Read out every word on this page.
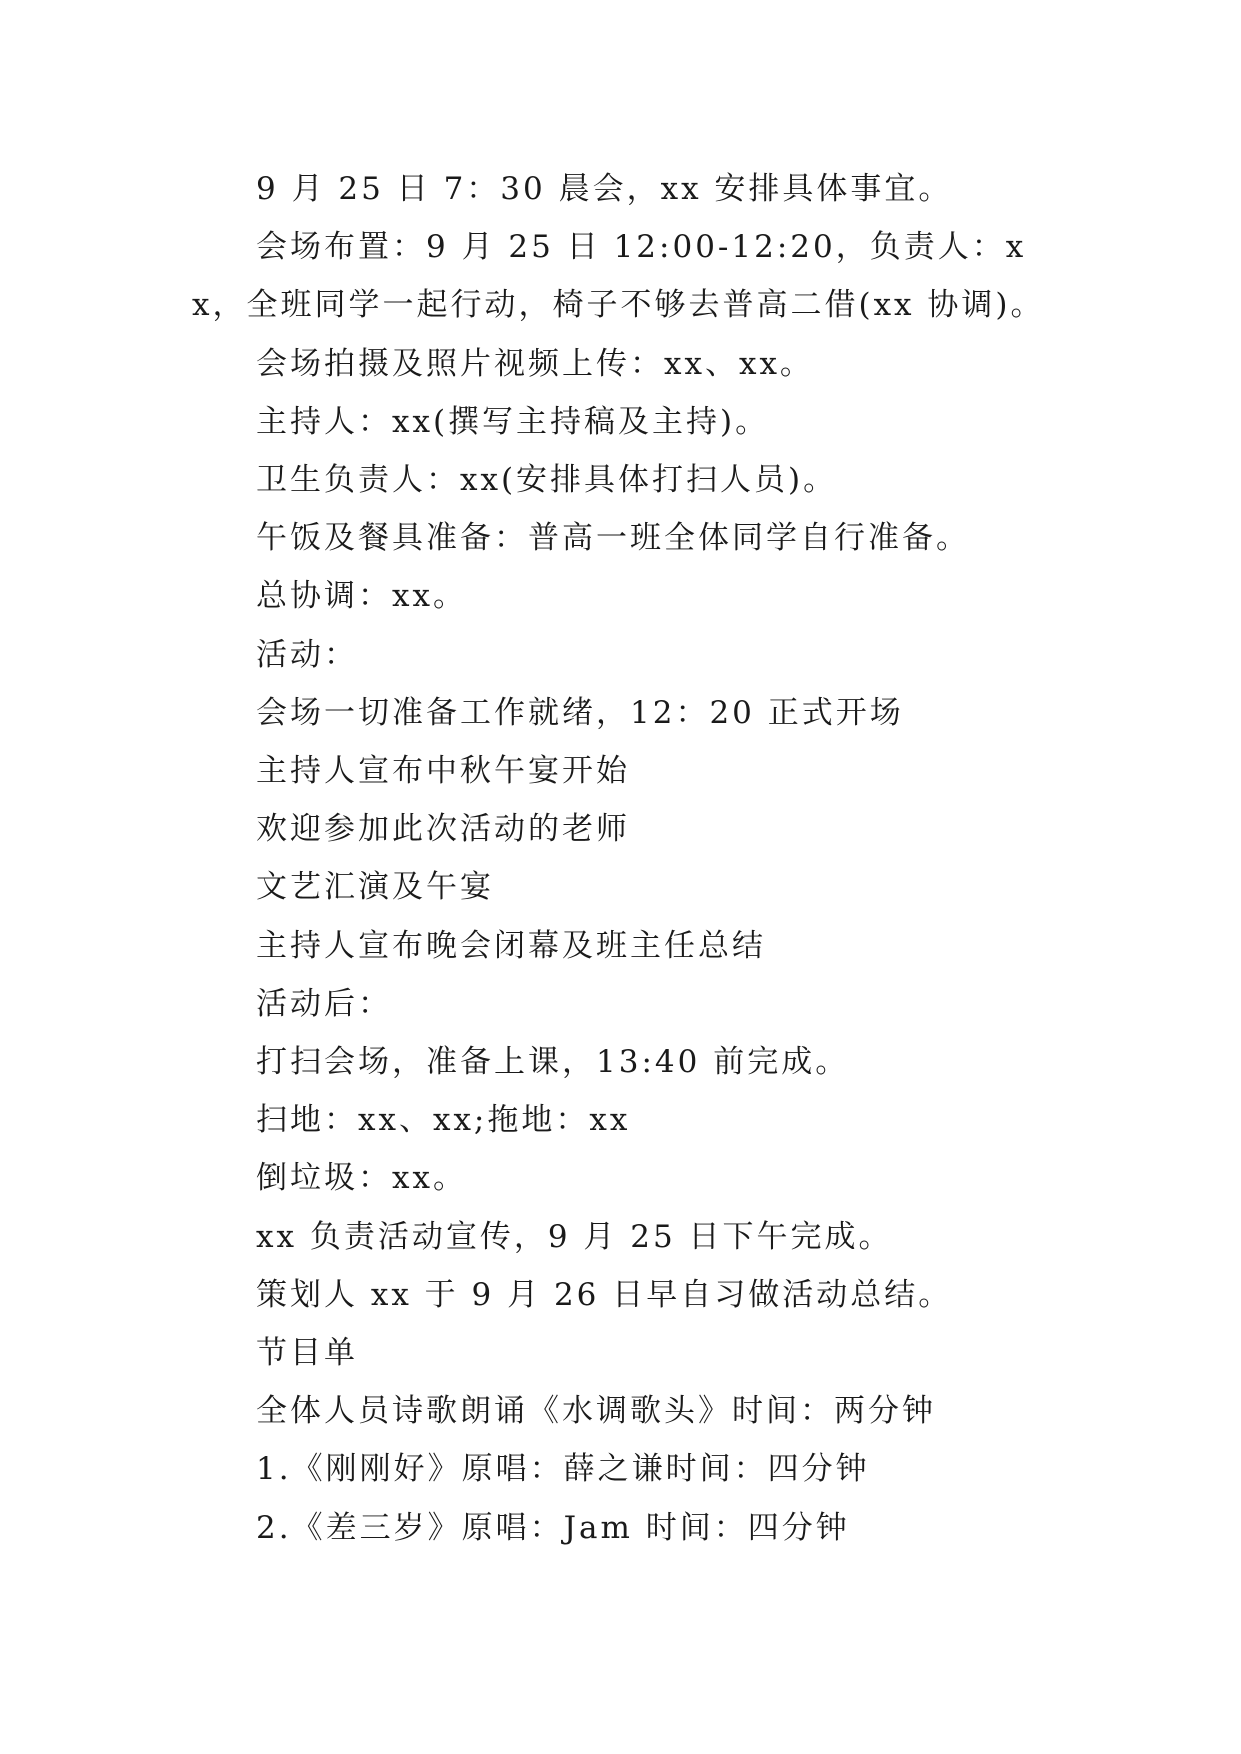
9 月 25 日 7：30 晨会，xx 安排具体事宜。

会场布置：9 月 25 日 12:00-12:20，负责人：xx，全班同学一起行动，椅子不够去普高二借(xx 协调)。

会场拍摄及照片视频上传：xx、xx。

主持人：xx(撰写主持稿及主持)。

卫生负责人：xx(安排具体打扫人员)。

午饭及餐具准备：普高一班全体同学自行准备。

总协调：xx。

活动：

会场一切准备工作就绪，12：20 正式开场

主持人宣布中秋午宴开始

欢迎参加此次活动的老师

文艺汇演及午宴

主持人宣布晚会闭幕及班主任总结

活动后：

打扫会场，准备上课，13:40 前完成。

扫地：xx、xx;拖地：xx

倒垃圾：xx。

xx 负责活动宣传，9 月 25 日下午完成。

策划人 xx 于 9 月 26 日早自习做活动总结。

节目单

全体人员诗歌朗诵《水调歌头》时间：两分钟

1.《刚刚好》原唱：薛之谦时间：四分钟

2.《差三岁》原唱：Jam 时间：四分钟
